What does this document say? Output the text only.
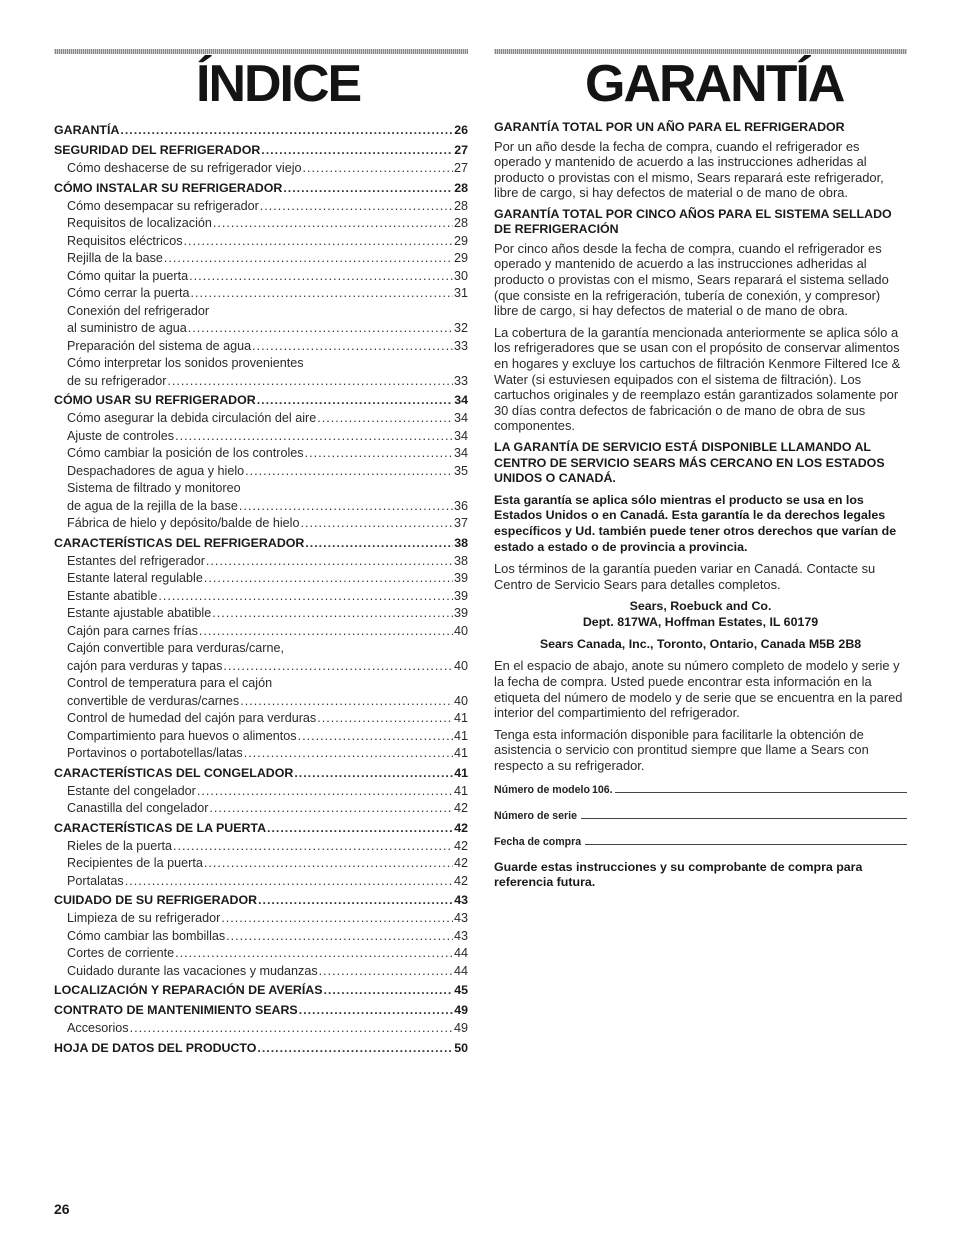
ÍNDICE	GARANTÍA
GARANTÍA .....	26
SEGURIDAD DEL REFRIGERADOR .....	27
Cómo deshacerse de su refrigerador viejo .....	27
CÓMO INSTALAR SU REFRIGERADOR .....	28
Cómo desempacar su refrigerador .....	28
Requisitos de localización .....	28
Requisitos eléctricos .....	29
Rejilla de la base .....	29
Cómo quitar la puerta .....	30
Cómo cerrar la puerta .....	31
Conexión del refrigerador
al suministro de agua .....	32
Preparación del sistema de agua .....	33
Cómo interpretar los sonidos provenientes
de su refrigerador .....	33
CÓMO USAR SU REFRIGERADOR .....	34
Cómo asegurar la debida circulación del aire .....	34
Ajuste de controles .....	34
Cómo cambiar la posición de los controles .....	34
Despachadores de agua y hielo .....	35
Sistema de filtrado y monitoreo
de agua de la rejilla de la base .....	36
Fábrica de hielo y depósito/balde de hielo .....	37
CARACTERÍSTICAS DEL REFRIGERADOR .....	38
Estantes del refrigerador .....	38
Estante lateral regulable .....	39
Estante abatible .....	39
Estante ajustable abatible .....	39
Cajón para carnes frías .....	40
Cajón convertible para verduras/carne,
cajón para verduras y tapas .....	40
Control de temperatura para el cajón
convertible de verduras/carnes .....	40
Control de humedad del cajón para verduras .....	41
Compartimiento para huevos o alimentos .....	41
Portavinos o portabotellas/latas .....	41
CARACTERÍSTICAS DEL CONGELADOR .....	41
Estante del congelador .....	41
Canastilla del congelador .....	42
CARACTERÍSTICAS DE LA PUERTA .....	42
Rieles de la puerta .....	42
Recipientes de la puerta .....	42
Portalatas .....	42
CUIDADO DE SU REFRIGERADOR .....	43
Limpieza de su refrigerador .....	43
Cómo cambiar las bombillas .....	43
Cortes de corriente .....	44
Cuidado durante las vacaciones y mudanzas .....	44
LOCALIZACIÓN Y REPARACIÓN DE AVERÍAS .....	45
CONTRATO DE MANTENIMIENTO SEARS .....	49
Accesorios .....	49
HOJA DE DATOS DEL PRODUCTO .....	50

GARANTÍA TOTAL POR UN AÑO PARA EL REFRIGERADOR

Por un año desde la fecha de compra, cuando el refrigerador es operado y mantenido de acuerdo a las instrucciones adheridas al producto o provistas con el mismo, Sears reparará este refrigerador, libre de cargo, si hay defectos de material o de mano de obra.

GARANTÍA TOTAL POR CINCO AÑOS PARA EL SISTEMA SELLADO DE REFRIGERACIÓN

Por cinco años desde la fecha de compra, cuando el refrigerador es operado y mantenido de acuerdo a las instrucciones adheridas al producto o provistas con el mismo, Sears reparará el sistema sellado (que consiste en la refrigeración, tubería de conexión, y compresor) libre de cargo, si hay defectos de material o de mano de obra.

La cobertura de la garantía mencionada anteriormente se aplica sólo a los refrigeradores que se usan con el propósito de conservar alimentos en hogares y excluye los cartuchos de filtración Kenmore Filtered Ice & Water (si estuviesen equipados con el sistema de filtración). Los cartuchos originales y de reemplazo están garantizados solamente por 30 días contra defectos de fabricación o de mano de obra de sus componentes.

LA GARANTÍA DE SERVICIO ESTÁ DISPONIBLE LLAMANDO AL CENTRO DE SERVICIO SEARS MÁS CERCANO EN LOS ESTADOS UNIDOS O CANADÁ.

Esta garantía se aplica sólo mientras el producto se usa en los Estados Unidos o en Canadá. Esta garantía le da derechos legales específicos y Ud. también puede tener otros derechos que varían de estado a estado o de provincia a provincia.

Los términos de la garantía pueden variar en Canadá. Contacte su Centro de Servicio Sears para detalles completos.

Sears, Roebuck and Co.

Dept. 817WA, Hoffman Estates, IL 60179

Sears Canada, Inc., Toronto, Ontario, Canada M5B 2B8

En el espacio de abajo, anote su número completo de modelo y serie y la fecha de compra. Usted puede encontrar esta información en la etiqueta del número de modelo y de serie que se encuentra en la pared interior del compartimiento del refrigerador.

Tenga esta información disponible para facilitarle la obtención de asistencia o servicio con prontitud siempre que llame a Sears con respecto a su refrigerador.

Número de modelo 106.
Número de serie
Fecha de compra

Guarde estas instrucciones y su comprobante de compra para referencia futura.

26
